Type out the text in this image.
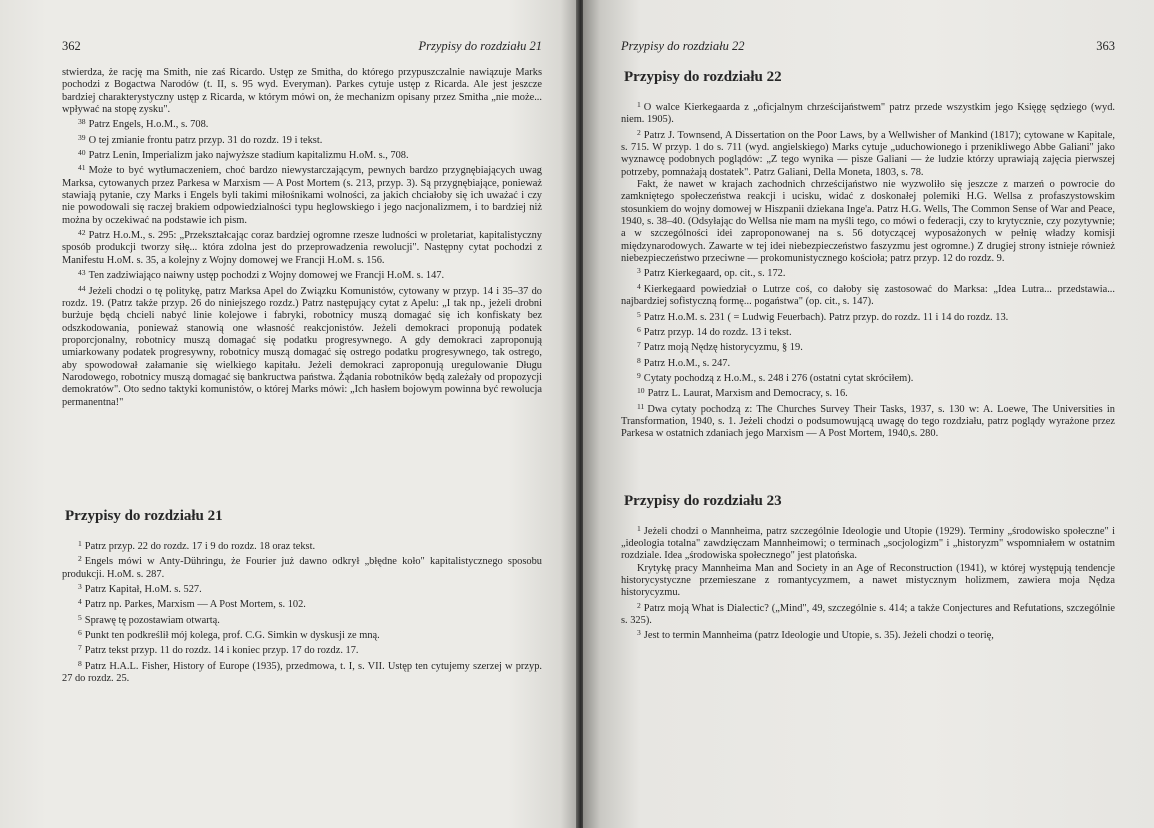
362	Przypisy do rozdziału 21

stwierdza, że rację ma Smith, nie zaś Ricardo. Ustęp ze Smitha, do którego przypuszczalnie nawiązuje Marks pochodzi z Bogactwa Narodów (t. II, s. 95 wyd. Everyman). Parkes cytuje ustęp z Ricarda. Ale jest jeszcze bardziej charakterystyczny ustęp z Ricarda, w którym mówi on, że mechanizm opisany przez Smitha „nie może... wpływać na stopę zysku".

$^{38}$ Patrz Engels, H.o.M., s. 708.

$^{39}$ O tej zmianie frontu patrz przyp. 31 do rozdz. 19 i tekst.

$^{40}$ Patrz Lenin, Imperializm jako najwyższe stadium kapitalizmu H.oM. s., 708.

$^{41}$ Może to być wytłumaczeniem, choć bardzo niewystarczającym, pewnych bardzo przygnębiających uwag Marksa, cytowanych przez Parkesa w Marxism — A Post Mortem (s. 213, przyp. 3). Są przygnębiające, ponieważ stawiają pytanie, czy Marks i Engels byli takimi miłośnikami wolności, za jakich chciałoby się ich uważać i czy nie powodowali się raczej brakiem odpowiedzialności typu heglowskiego i jego nacjonalizmem, i to bardziej niż można by oczekiwać na podstawie ich pism.

$^{42}$ Patrz H.o.M., s. 295: „Przekształcając coraz bardziej ogromne rzesze ludności w proletariat, kapitalistyczny sposób produkcji tworzy siłę... która zdolna jest do przeprowadzenia rewolucji". Następny cytat pochodzi z Manifestu H.oM. s. 35, a kolejny z Wojny domowej we Francji H.oM. s. 156.

$^{43}$ Ten zadziwiająco naiwny ustęp pochodzi z Wojny domowej we Francji H.oM. s. 147.

$^{44}$ Jeżeli chodzi o tę politykę, patrz Marksa Apel do Związku Komunistów, cytowany w przyp. 14 i 35–37 do rozdz. 19. (Patrz także przyp. 26 do niniejszego rozdz.) Patrz następujący cytat z Apelu: „I tak np., jeżeli drobni burżuje będą chcieli nabyć linie kolejowe i fabryki, robotnicy muszą domagać się ich konfiskaty bez odszkodowania, ponieważ stanowią one własność reakcjonistów. Jeżeli demokraci proponują podatek proporcjonalny, robotnicy muszą domagać się podatku progresywnego. A gdy demokraci zaproponują umiarkowany podatek progresywny, robotnicy muszą domagać się ostrego podatku progresywnego, tak ostrego, aby spowodował załamanie się wielkiego kapitału. Jeżeli demokraci zaproponują uregulowanie Długu Narodowego, robotnicy muszą domagać się bankructwa państwa. Żądania robotników będą zależały od propozycji demokratów". Oto sedno taktyki komunistów, o której Marks mówi: „Ich hasłem bojowym powinna być rewolucja permanentna!"

Przypisy do rozdziału 21

$^1$ Patrz przyp. 22 do rozdz. 17 i 9 do rozdz. 18 oraz tekst.

$^2$ Engels mówi w Anty-Dühringu, że Fourier już dawno odkrył „błędne koło" kapitalistycznego sposobu produkcji. H.oM. s. 287.

$^3$ Patrz Kapitał, H.oM. s. 527.

$^4$ Patrz np. Parkes, Marxism — A Post Mortem, s. 102.

$^5$ Sprawę tę pozostawiam otwartą.

$^6$ Punkt ten podkreślił mój kolega, prof. C.G. Simkin w dyskusji ze mną.

$^7$ Patrz tekst przyp. 11 do rozdz. 14 i koniec przyp. 17 do rozdz. 17.

$^8$ Patrz H.A.L. Fisher, History of Europe (1935), przedmowa, t. I, s. VII. Ustęp ten cytujemy szerzej w przyp. 27 do rozdz. 25.

Przypisy do rozdziału 22	363
Przypisy do rozdziału 22

$^1$ O walce Kierkegaarda z „oficjalnym chrześcijaństwem" patrz przede wszystkim jego Księgę sędziego (wyd. niem. 1905).

$^2$ Patrz J. Townsend, A Dissertation on the Poor Laws, by a Wellwisher of Mankind (1817); cytowane w Kapitale, s. 715. W przyp. 1 do s. 711 (wyd. angielskiego) Marks cytuje „uduchowionego i przenikliwego Abbe Galiani" jako wyznawcę podobnych poglądów: „Z tego wynika — pisze Galiani — że ludzie którzy uprawiają zajęcia pierwszej potrzeby, pomnażają dostatek". Patrz Galiani, Della Moneta, 1803, s. 78.

Fakt, że nawet w krajach zachodnich chrześcijaństwo nie wyzwoliło się jeszcze z marzeń o powrocie do zamkniętego społeczeństwa reakcji i ucisku, widać z doskonałej polemiki H.G. Wellsa z profaszystowskim stosunkiem do wojny domowej w Hiszpanii dziekana Inge'a. Patrz H.G. Wells, The Common Sense of War and Peace, 1940, s. 38–40. (Odsyłając do Wellsa nie mam na myśli tego, co mówi o federacji, czy to krytycznie, czy pozytywnie; a w szczególności idei zaproponowanej na s. 56 dotyczącej wyposażonych w pełnię władzy komisji międzynarodowych. Zawarte w tej idei niebezpieczeństwo faszyzmu jest ogromne.) Z drugiej strony istnieje również niebezpieczeństwo przeciwne — prokomunistycznego kościoła; patrz przyp. 12 do rozdz. 9.

$^3$ Patrz Kierkegaard, op. cit., s. 172.

$^4$ Kierkegaard powiedział o Lutrze coś, co dałoby się zastosować do Marksa: „Idea Lutra... przedstawia... najbardziej sofistyczną formę... pogaństwa" (op. cit., s. 147).

$^5$ Patrz H.o.M. s. 231 ( = Ludwig Feuerbach). Patrz przyp. do rozdz. 11 i 14 do rozdz. 13.

$^6$ Patrz przyp. 14 do rozdz. 13 i tekst.

$^7$ Patrz moją Nędzę historycyzmu, § 19.

$^8$ Patrz H.o.M., s. 247.

$^9$ Cytaty pochodzą z H.o.M., s. 248 i 276 (ostatni cytat skróciłem).

$^{10}$ Patrz L. Laurat, Marxism and Democracy, s. 16.

$^{11}$ Dwa cytaty pochodzą z: The Churches Survey Their Tasks, 1937, s. 130 w: A. Loewe, The Universities in Transformation, 1940, s. 1. Jeżeli chodzi o podsumowującą uwagę do tego rozdziału, patrz poglądy wyrażone przez Parkesa w ostatnich zdaniach jego Marxism — A Post Mortem, 1940,s. 280.

Przypisy do rozdziału 23

$^1$ Jeżeli chodzi o Mannheima, patrz szczególnie Ideologie und Utopie (1929). Terminy „środowisko społeczne" i „ideologia totalna" zawdzięczam Mannheimowi; o terminach „socjologizm" i „historyzm" wspomniałem w ostatnim rozdziale. Idea „środowiska społecznego" jest platońska.

Krytykę pracy Mannheima Man and Society in an Age of Reconstruction (1941), w której występują tendencje historycystyczne przemieszane z romantycyzmem, a nawet mistycznym holizmem, zawiera moja Nędza historycyzmu.

$^2$ Patrz moją What is Dialectic? („Mind", 49, szczególnie s. 414; a także Conjectures and Refutations, szczególnie s. 325).

$^3$ Jest to termin Mannheima (patrz Ideologie und Utopie, s. 35). Jeżeli chodzi o teorię,
